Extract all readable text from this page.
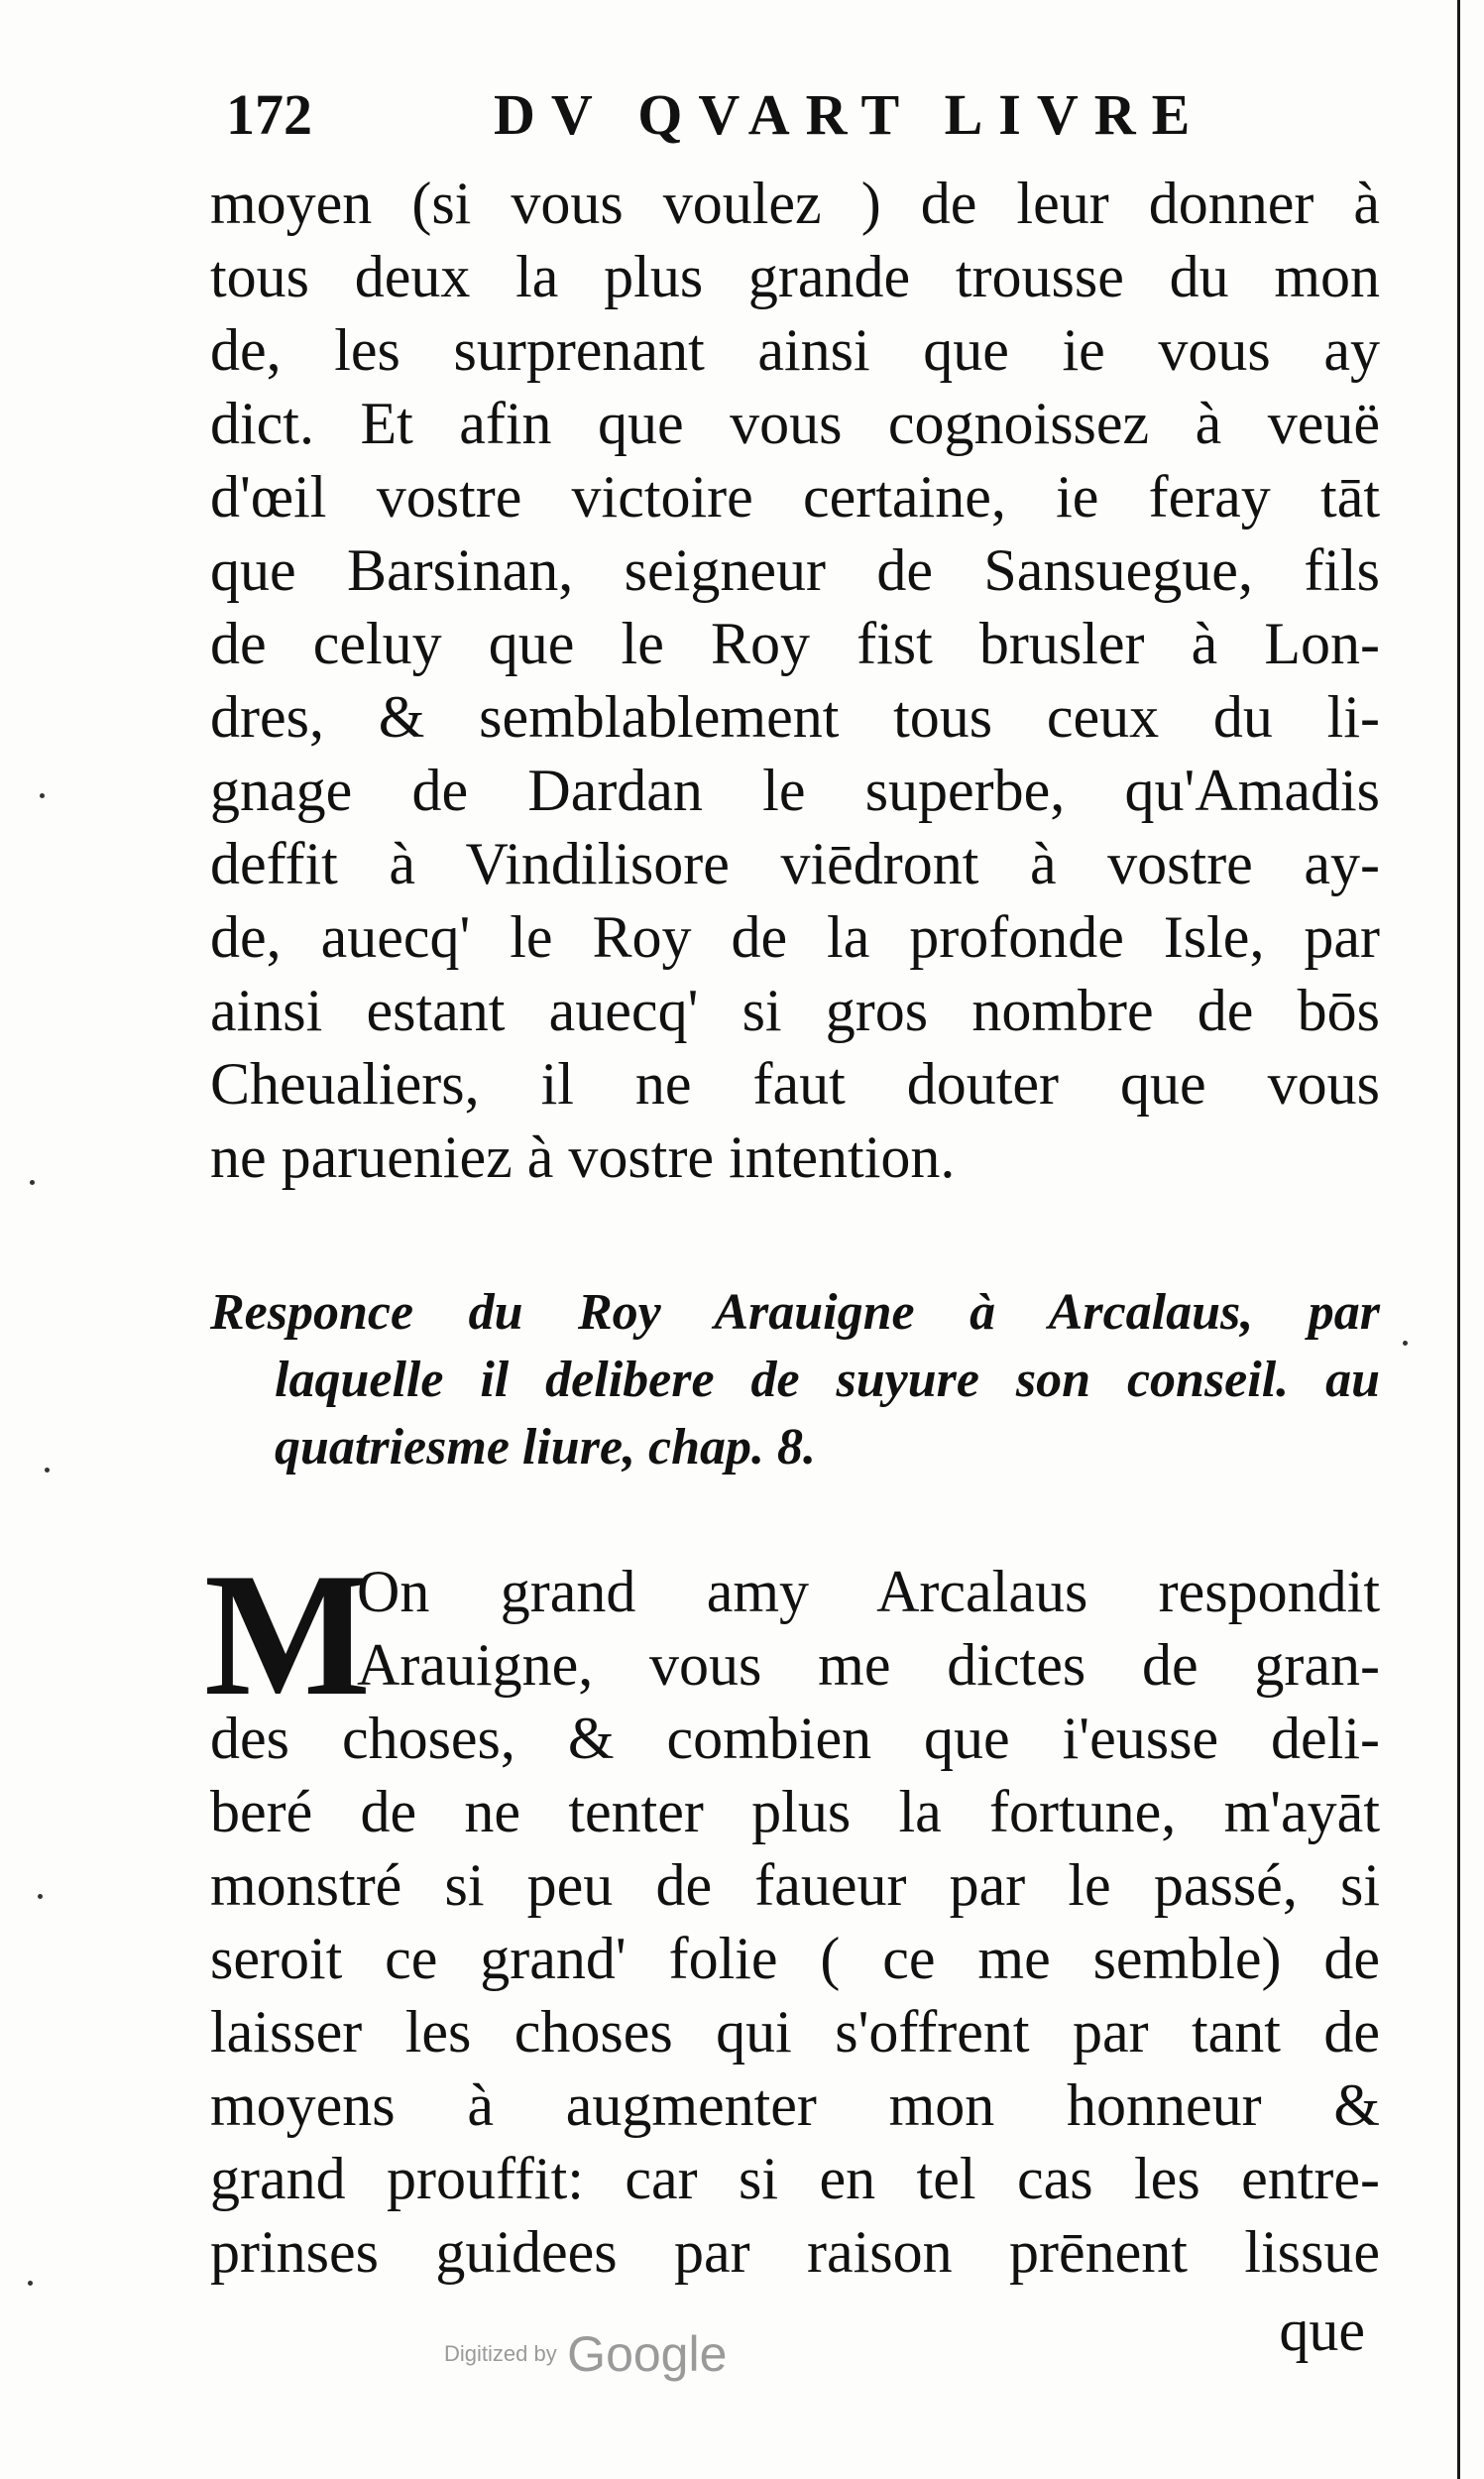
172	DV QVART LIVRE
moyen (si vous voulez ) de leur donner à
tous deux la plus grande trousse du mon
de, les surprenant ainsi que ie vous ay
dict. Et afin que vous cognoissez à veuë
d'œil vostre victoire certaine, ie feray tāt
que Barsinan, seigneur de Sansuegue, fils
de celuy que le Roy fist brusler à Lon-
dres, & semblablement tous ceux du li-
gnage de Dardan le superbe, qu'Amadis
deffit à Vindilisore viēdront à vostre ay-
de, auecq' le Roy de la profonde Isle, par
ainsi estant auecq' si gros nombre de bōs
Cheualiers, il ne faut douter que vous
ne parueniez à vostre intention.
Responce du Roy Arauigne à Arcalaus, par
laquelle il delibere de suyure son conseil. au
quatriesme liure, chap. 8.
M
On grand amy Arcalaus respondit
Arauigne, vous me dictes de gran-
des choses, & combien que i'eusse deli-
beré de ne tenter plus la fortune, m'ayāt
monstré si peu de faueur par le passé, si
seroit ce grand' folie ( ce me semble) de
laisser les choses qui s'offrent par tant de
moyens à augmenter mon honneur &
grand prouffit: car si en tel cas les entre-
prinses guidees par raison prēnent lissue
que
Digitized by Google
